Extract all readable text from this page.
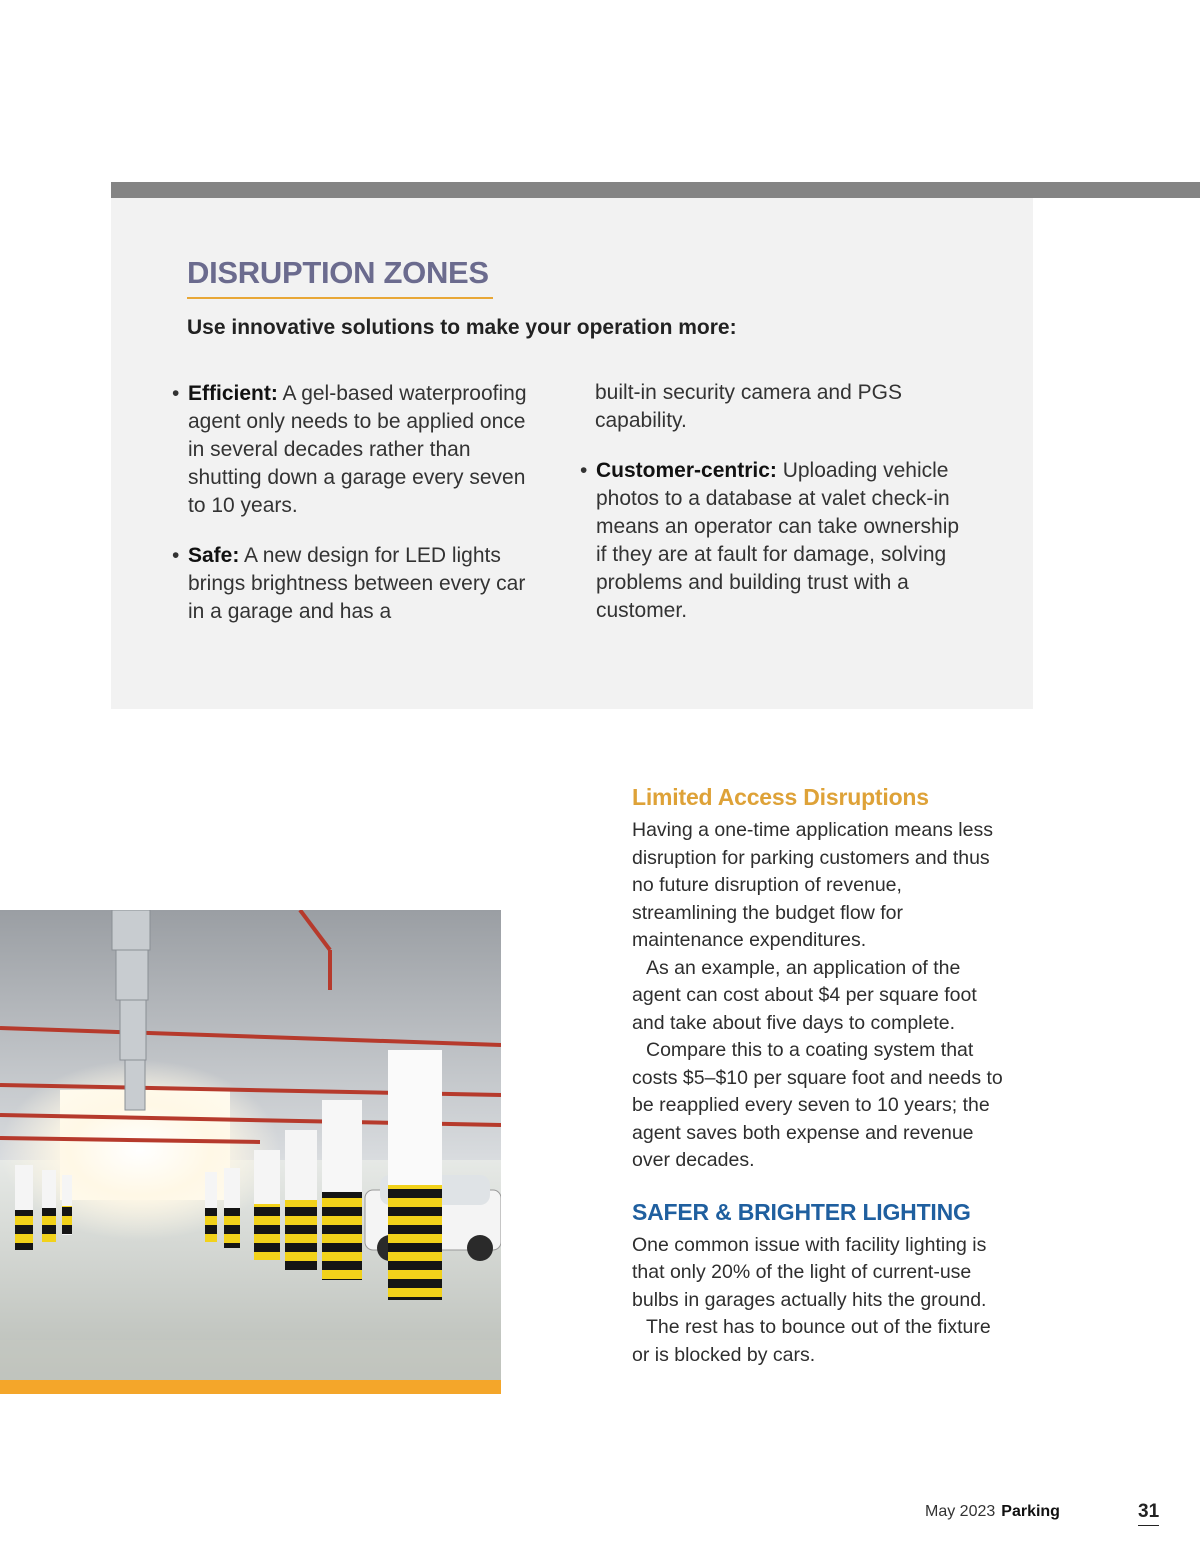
DISRUPTION ZONES
Use innovative solutions to make your operation more:
• Efficient: A gel-based waterproofing agent only needs to be applied once in several decades rather than shutting down a garage every seven to 10 years.
• Safe: A new design for LED lights brings brightness between every car in a garage and has a
built-in security camera and PGS capability.
• Customer-centric: Uploading vehicle photos to a database at valet check-in means an operator can take ownership if they are at fault for damage, solving problems and building trust with a customer.
Limited Access Disruptions

Having a one-time application means less disruption for parking customers and thus no future disruption of revenue, streamlining the budget flow for maintenance expenditures.

As an example, an application of the agent can cost about $4 per square foot and take about five days to complete.

Compare this to a coating system that costs $5–$10 per square foot and needs to be reapplied every seven to 10 years; the agent saves both expense and revenue over decades.

SAFER & BRIGHTER LIGHTING

One common issue with facility lighting is that only 20% of the light of current-use bulbs in garages actually hits the ground.

The rest has to bounce out of the fixture or is blocked by cars.

May 2023 Parking	31
